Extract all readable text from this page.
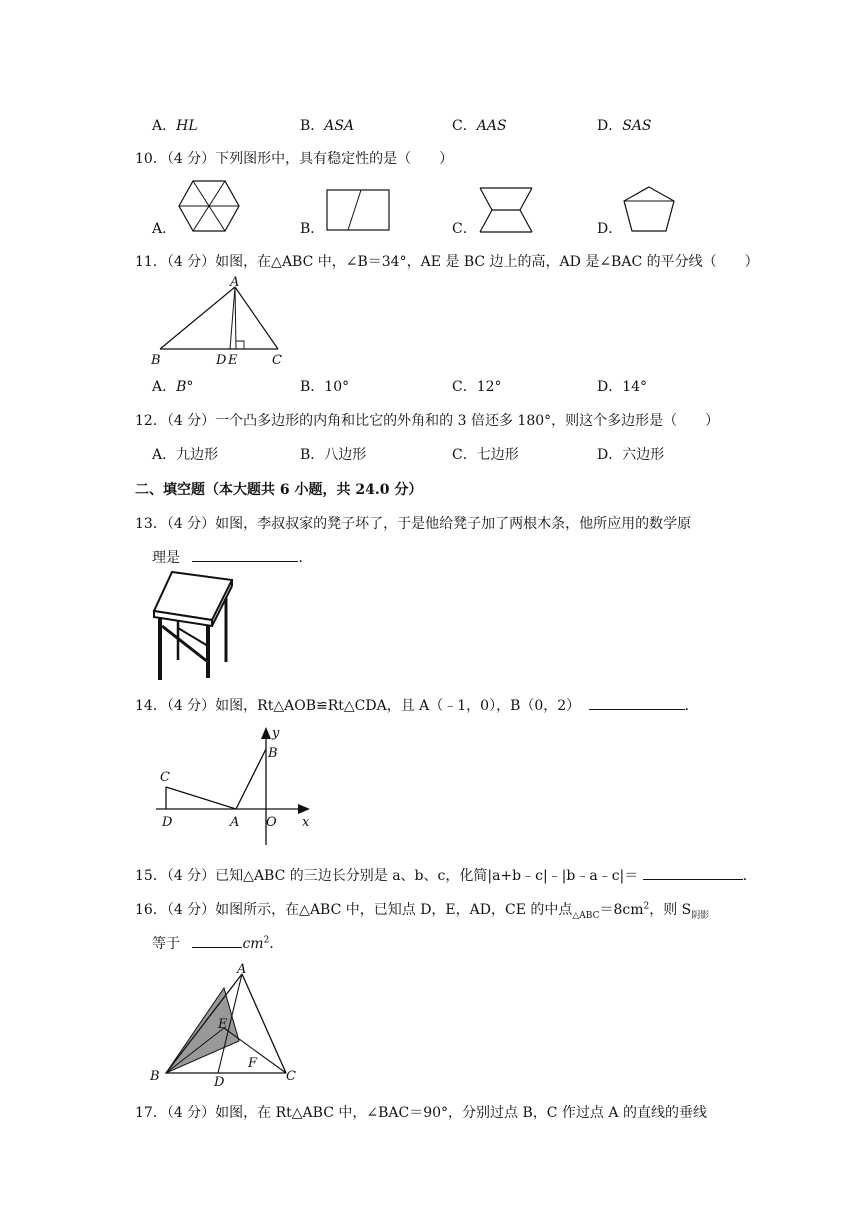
A．HL	B．ASA	C．AAS	D．SAS
10．（4 分）下列图形中，具有稳定性的是（　　）
A．	B．	C．	D．
11．（4 分）如图，在△ABC 中，∠B＝34°，AE 是 BC 边上的高，AD 是∠BAC 的平分线（　　）
A
B	D E	C
A．B°	B．10°	C．12°	D．14°
12．（4 分）一个凸多边形的内角和比它的外角和的 3 倍还多 180°，则这个多边形是（　　）
A．九边形	B．八边形	C．七边形	D．六边形
二、填空题（本大题共 6 小题，共 24.0 分）
13．（4 分）如图，李叔叔家的凳子坏了，于是他给凳子加了两根木条，他所应用的数学原
理是	．
14．（4 分）如图，Rt△AOB≌Rt△CDA，且 A（﹣1，0），B（0，2）	．
y
B
C
D	A O x
15．（4 分）已知△ABC 的三边长分别是 a、b、c，化简|a+b﹣c|﹣|b﹣a﹣c|＝	．
16．（4 分）如图所示，在△ABC 中，已知点 D，E，AD，CE 的中点$_{\triangle ABC}=8cm^2$，则 $S_{阴影}$
等于	$cm^2$．
A
E
F
B	D	C
17．（4 分）如图，在 Rt△ABC 中，∠BAC＝90°，分别过点 B，C 作过点 A 的直线的垂线
